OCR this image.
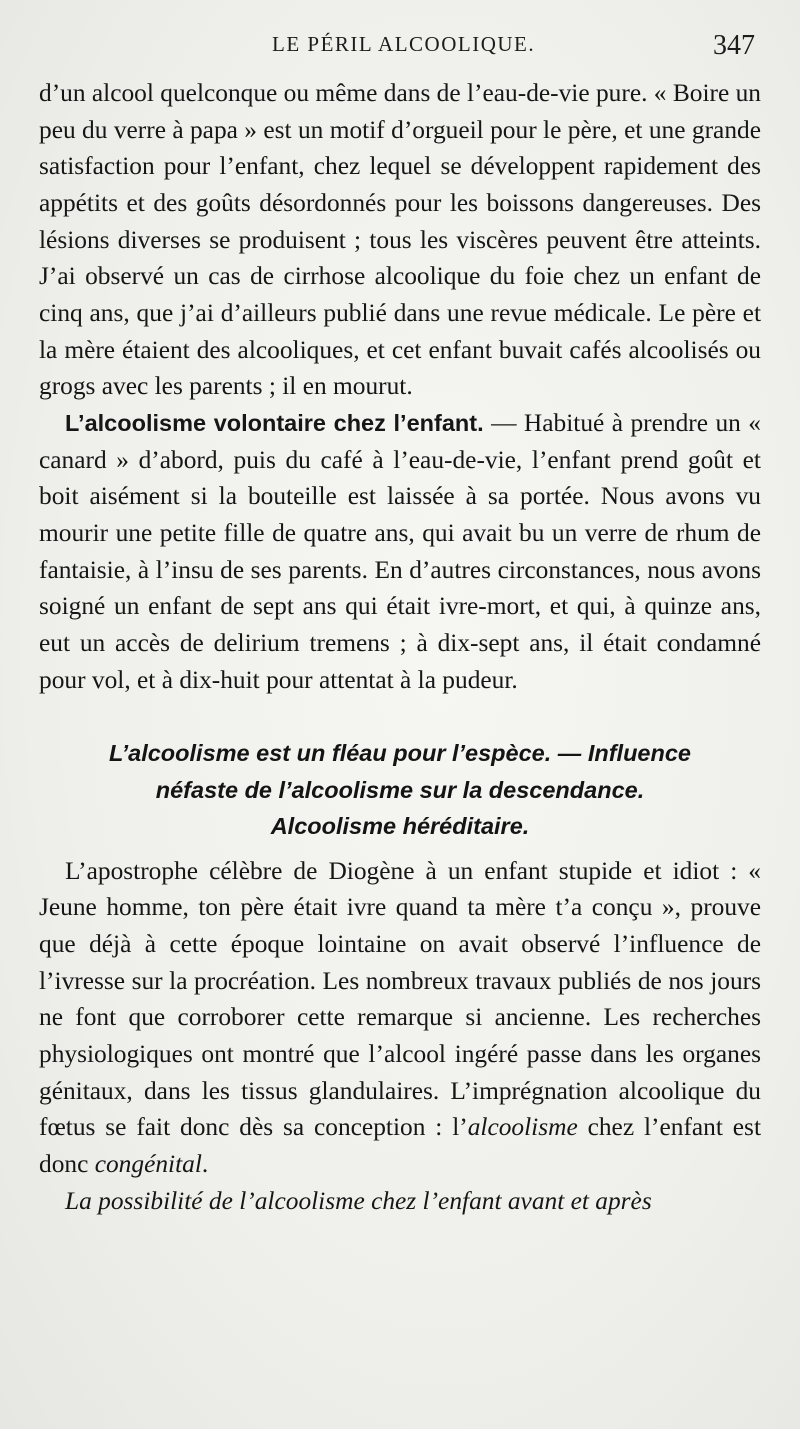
LE PÉRIL ALCOOLIQUE.	347

d’un alcool quelconque ou même dans de l’eau-de-vie pure. « Boire un peu du verre à papa » est un motif d’orgueil pour le père, et une grande satisfaction pour l’enfant, chez lequel se développent rapidement des appétits et des goûts désordonnés pour les boissons dangereuses. Des lésions diverses se produisent ; tous les viscères peuvent être atteints. J’ai observé un cas de cirrhose alcoolique du foie chez un enfant de cinq ans, que j’ai d’ailleurs publié dans une revue médicale. Le père et la mère étaient des alcooliques, et cet enfant buvait cafés alcoolisés ou grogs avec les parents ; il en mourut.

L’alcoolisme volontaire chez l’enfant. — Habitué à prendre un « canard » d’abord, puis du café à l’eau-de-vie, l’enfant prend goût et boit aisément si la bouteille est laissée à sa portée. Nous avons vu mourir une petite fille de quatre ans, qui avait bu un verre de rhum de fantaisie, à l’insu de ses parents. En d’autres circonstances, nous avons soigné un enfant de sept ans qui était ivre-mort, et qui, à quinze ans, eut un accès de delirium tremens ; à dix-sept ans, il était condamné pour vol, et à dix-huit pour attentat à la pudeur.

L’alcoolisme est un fléau pour l’espèce. — Influence
néfaste de l’alcoolisme sur la descendance.
Alcoolisme héréditaire.

L’apostrophe célèbre de Diogène à un enfant stupide et idiot : « Jeune homme, ton père était ivre quand ta mère t’a conçu », prouve que déjà à cette époque lointaine on avait observé l’influence de l’ivresse sur la procréation. Les nombreux travaux publiés de nos jours ne font que corroborer cette remarque si ancienne. Les recherches physiologiques ont montré que l’alcool ingéré passe dans les organes génitaux, dans les tissus glandulaires. L’imprégnation alcoolique du fœtus se fait donc dès sa conception : l’alcoolisme chez l’enfant est donc congénital.

La possibilité de l’alcoolisme chez l’enfant avant et après
